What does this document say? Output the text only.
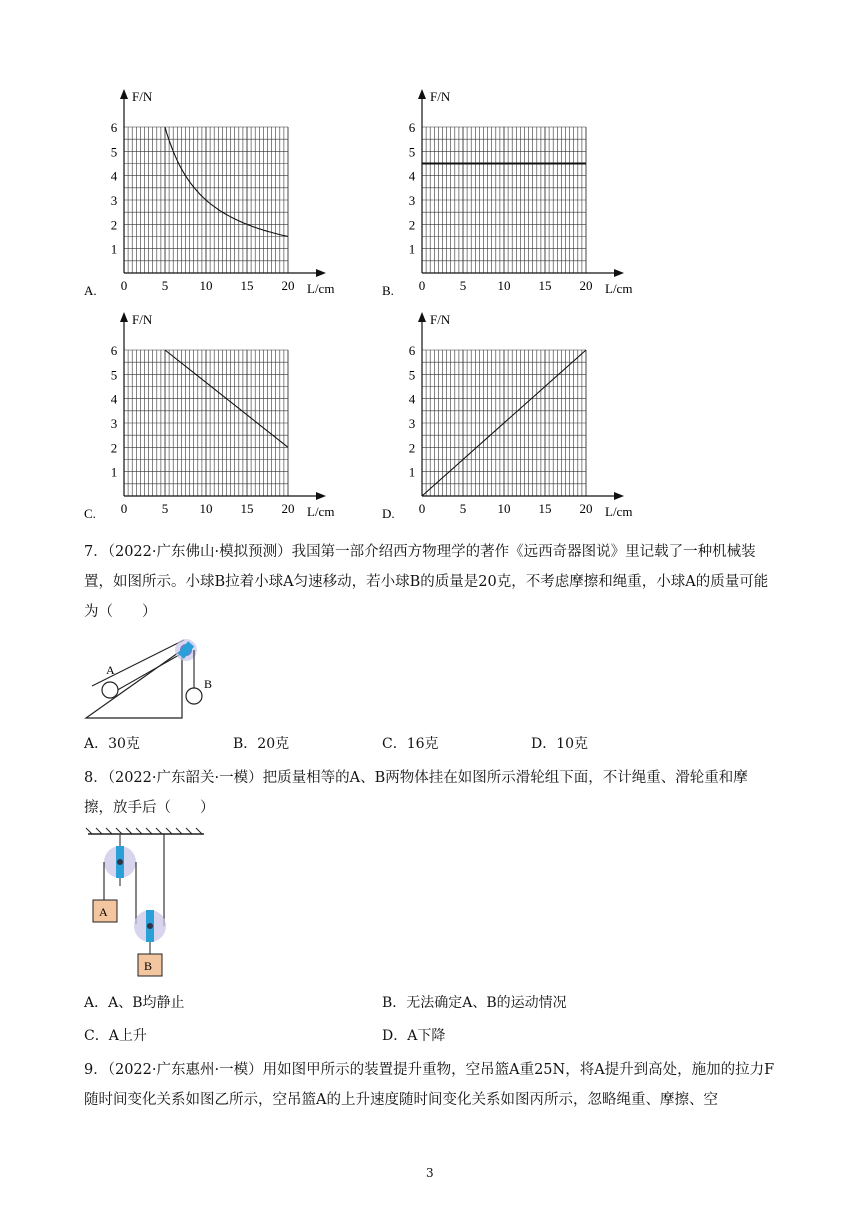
A.
F/N
L/cm
6
5
4
3
2
1
0	5 10 15 20	B.
F/N
L/cm
6
5
4
3
2
1
0	5 10 15 20
C.
F/N
L/cm
6
5
4
3
2
1
0	5 10 15 20	D.
F/N
L/cm
6
5
4
3
2
1
0	5 10 15 20
7．（2022·广东佛山·模拟预测）我国第一部介绍西方物理学的著作《远西奇器图说》里记载了一种机械装置，如图所示。小球B拉着小球A匀速移动，若小球B的质量是20克，不考虑摩擦和绳重，小球A的质量可能为（　　）
A
B
A．30克	B．20克	C．16克	D．10克
8．（2022·广东韶关·一模）把质量相等的A、B两物体挂在如图所示滑轮组下面，不计绳重、滑轮重和摩擦，放手后（　　）
A
B
A．A、B均静止	B．无法确定A、B的运动情况
C．A上升	D．A下降
9．（2022·广东惠州·一模）用如图甲所示的装置提升重物，空吊篮A重25N，将A提升到高处，施加的拉力F随时间变化关系如图乙所示，空吊篮A的上升速度随时间变化关系如图丙所示，忽略绳重、摩擦、空
3
